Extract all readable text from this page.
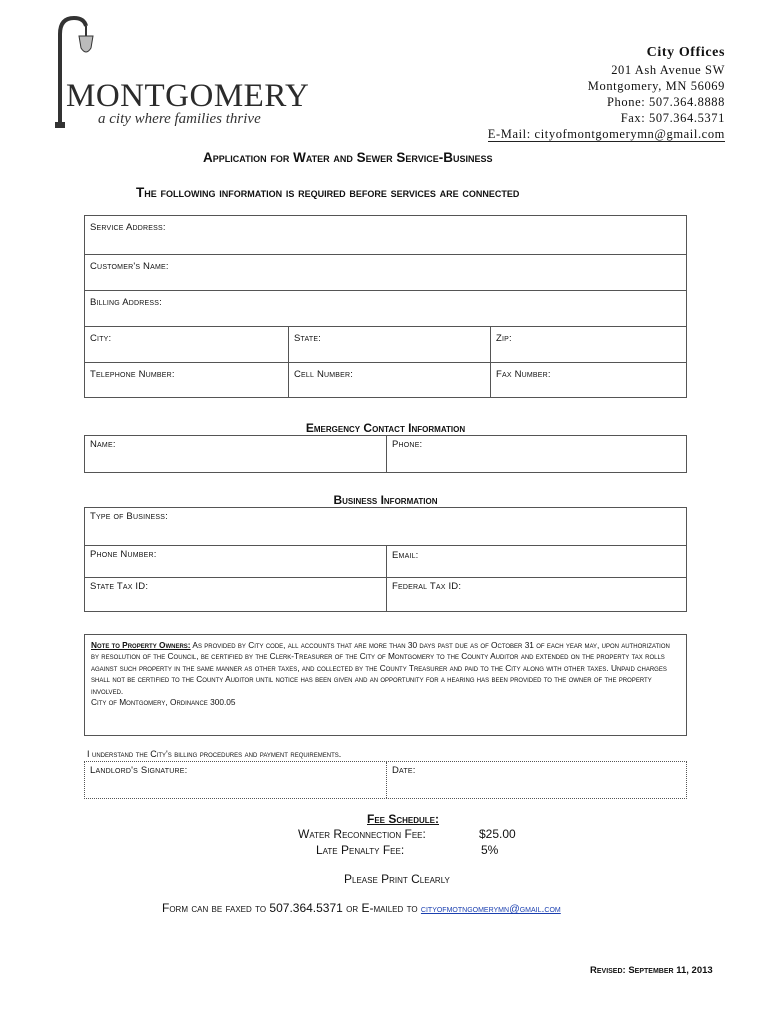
MONTGOMERY
a city where families thrive
City Offices
201 Ash Avenue SW
Montgomery, MN 56069
Phone: 507.364.8888
Fax: 507.364.5371
E-Mail: cityofmontgomerymn@gmail.com
Application for Water and Sewer Service-Business
The following information is required before services are connected
Service Address:
Customer's Name:
Billing Address:
City:	State:	Zip:
Telephone Number:	Cell Number:	Fax Number:
Emergency Contact Information
Name:	Phone:
Business Information
Type of Business:
Phone Number:	Email:
State Tax ID:	Federal Tax ID:
Note to Property Owners: As provided by City code, all accounts that are more than 30 days past due as of October 31 of each year may, upon authorization by resolution of the Council, be certified by the Clerk-Treasurer of the City of Montgomery to the County Auditor and extended on the property tax rolls against such property in the same manner as other taxes, and collected by the County Treasurer and paid to the City along with other taxes. Unpaid charges shall not be certified to the County Auditor until notice has been given and an opportunity for a hearing has been provided to the owner of the property involved.
City of Montgomery, Ordinance 300.05
I understand the City's billing procedures and payment requirements.
Landlord's Signature:	Date:
Fee Schedule:
Water Reconnection Fee:	$25.00
Late Penalty Fee:	5%
Please Print Clearly
Form can be faxed to 507.364.5371 or E-mailed to cityofmotngomerymn@gmail.com
Revised: September 11, 2013
